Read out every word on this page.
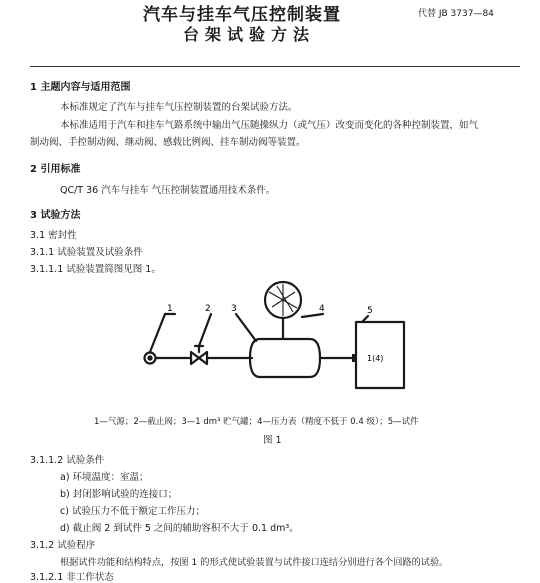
汽车与挂车气压控制装置
台架试验方法
代替 JB 3737—84
1 主题内容与适用范围
本标准规定了汽车与挂车气压控制装置的台架试验方法。
本标准适用于汽车和挂车气路系统中输出气压随操纵力（或气压）改变而变化的各种控制装置，如气
制动阀、手控制动阀、继动阀、感载比例阀、挂车制动阀等装置。
2 引用标准
QC/T 36 汽车与挂车 气压控制装置通用技术条件。
3 试验方法
3.1 密封性
3.1.1 试验装置及试验条件
3.1.1.1 试验装置简图见图 1。
1	2 3	4	5
1(4)
1—气源；2—截止阀；3—1 dm³ 贮气罐；4—压力表（精度不低于 0.4 级）；5—试件
图 1
3.1.1.2 试验条件
a) 环境温度：室温；
b) 封闭影响试验的连接口；
c) 试验压力不低于额定工作压力；
d) 截止阀 2 到试件 5 之间的辅助容积不大于 0.1 dm³。
3.1.2 试验程序
根据试件功能和结构特点，按图 1 的形式使试验装置与试件接口连结分别进行各个回路的试验。
3.1.2.1 非工作状态
